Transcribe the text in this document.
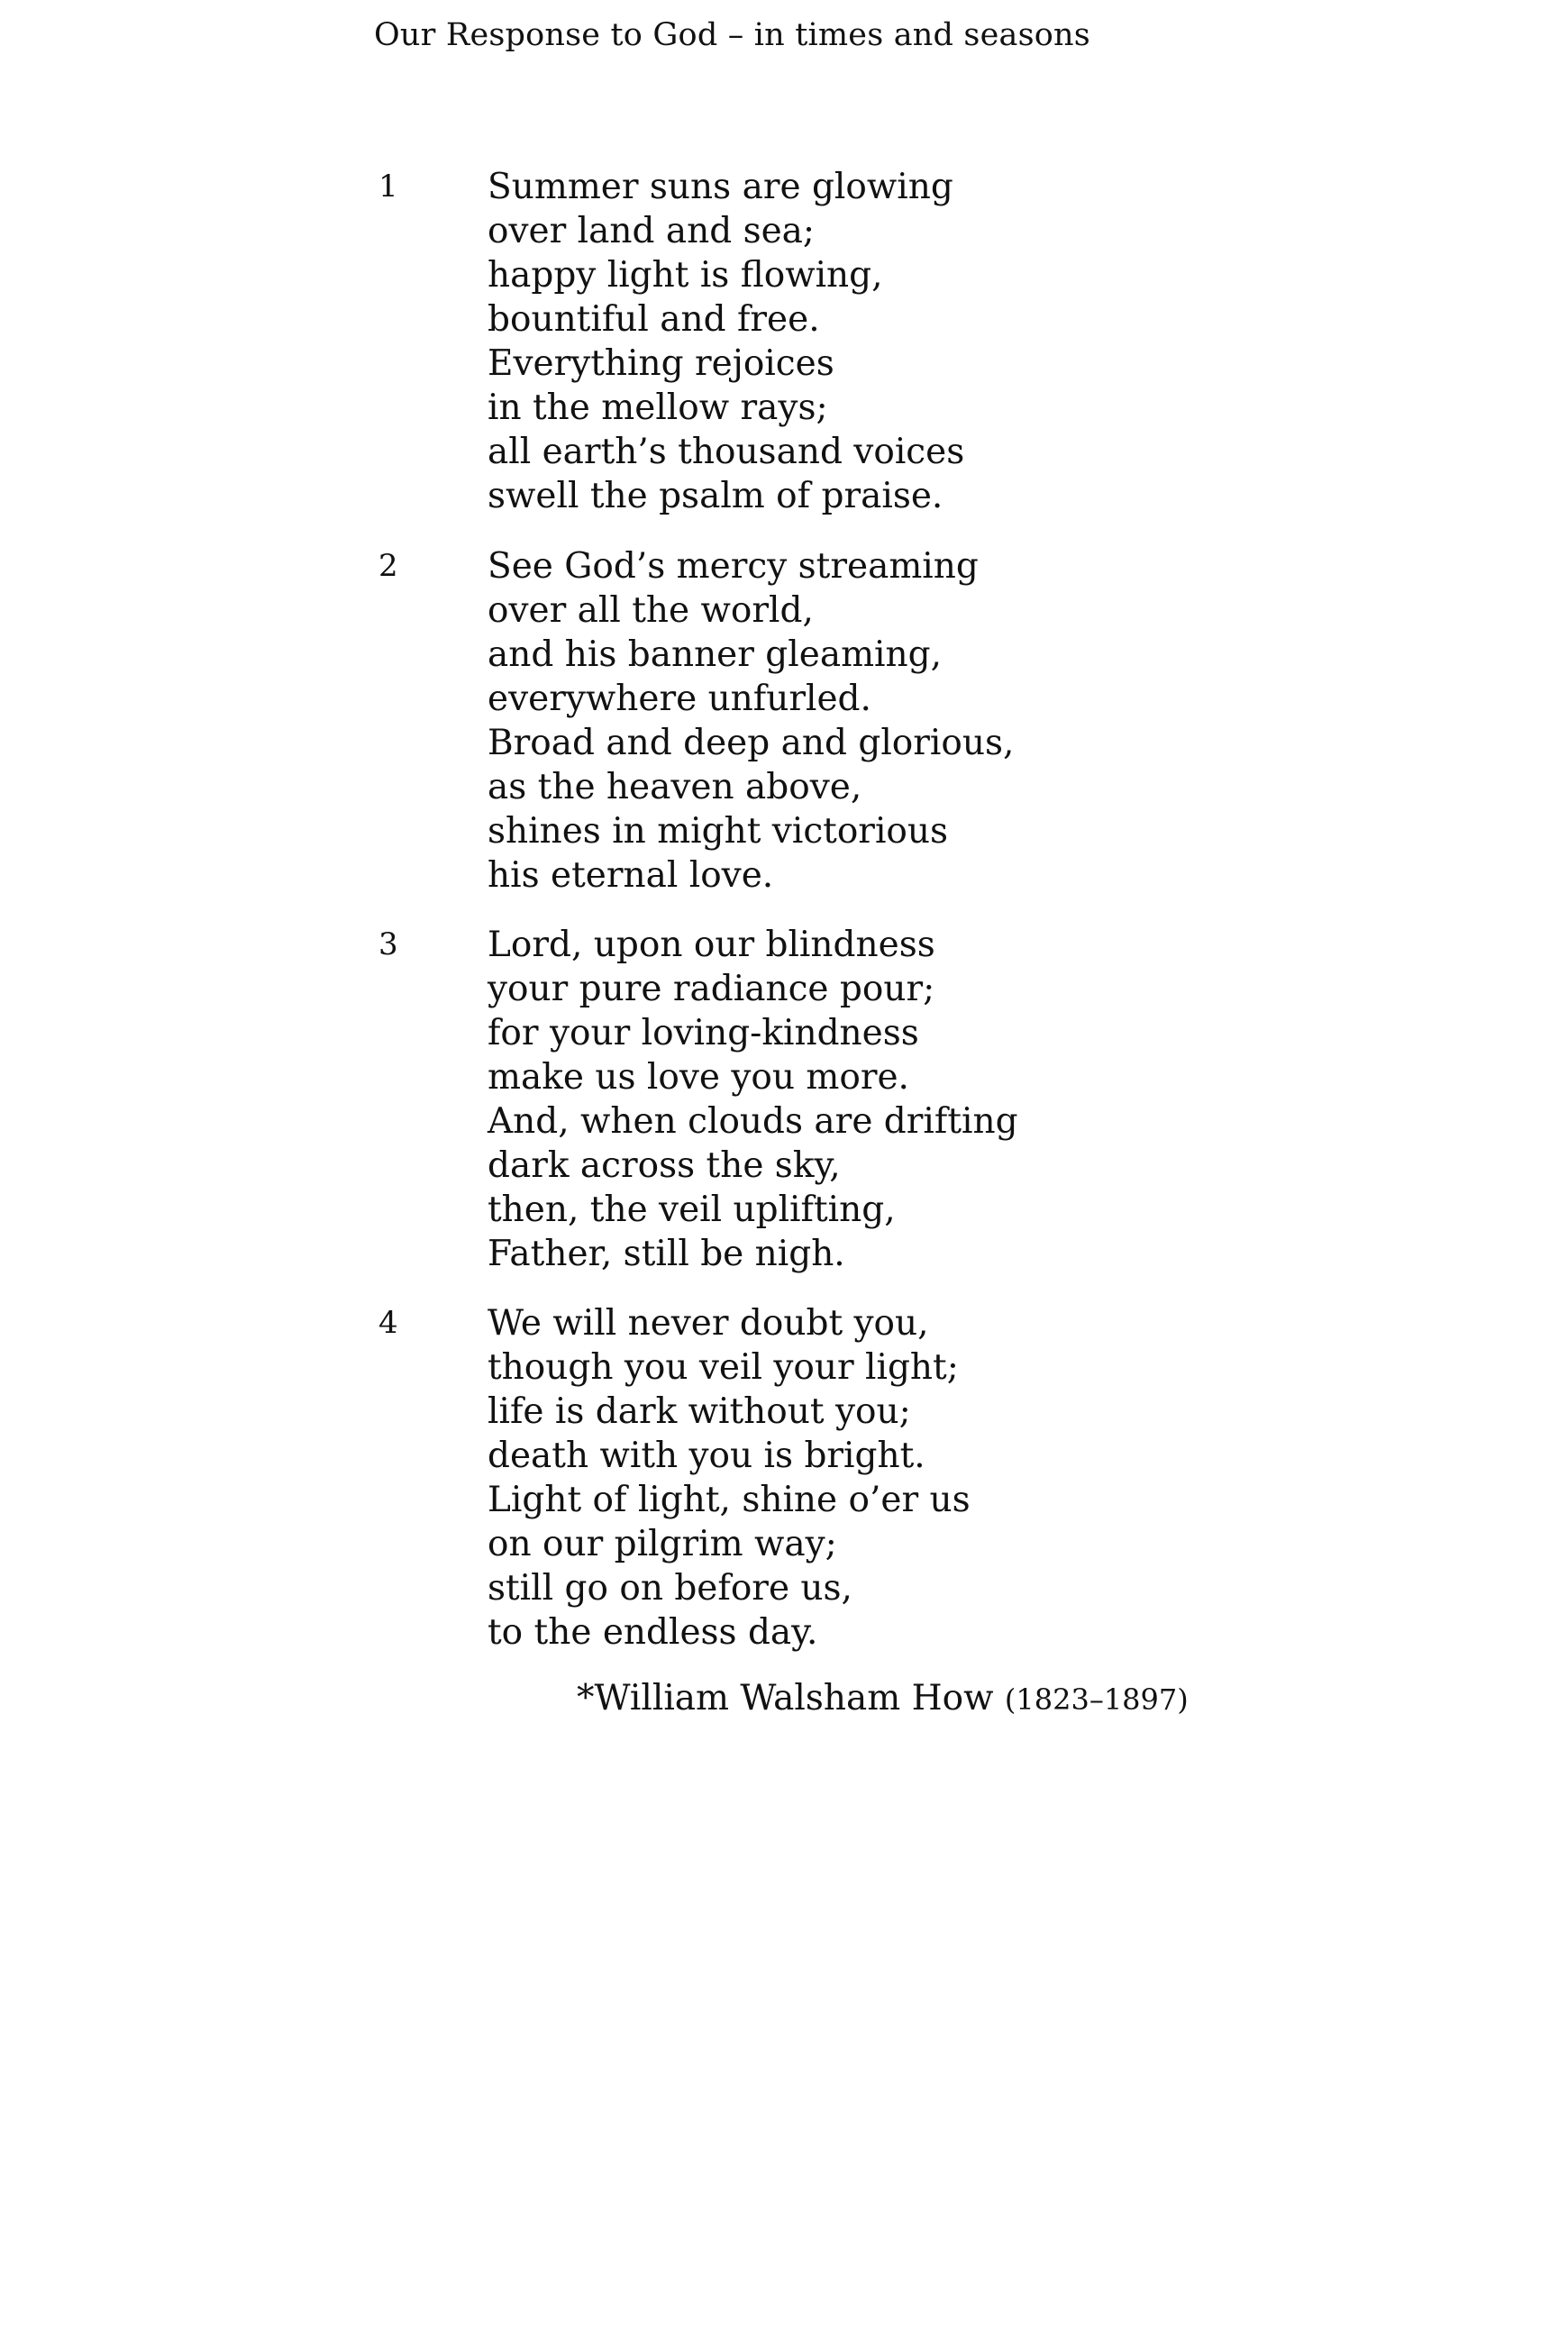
Our Response to God – in times and seasons
1	Summer suns are glowing
over land and sea;
happy light is flowing,
bountiful and free.
Everything rejoices
in the mellow rays;
all earth’s thousand voices
swell the psalm of praise.
2	See God’s mercy streaming
over all the world,
and his banner gleaming,
everywhere unfurled.
Broad and deep and glorious,
as the heaven above,
shines in might victorious
his eternal love.
3	Lord, upon our blindness
your pure radiance pour;
for your loving-kindness
make us love you more.
And, when clouds are drifting
dark across the sky,
then, the veil uplifting,
Father, still be nigh.
4	We will never doubt you,
though you veil your light;
life is dark without you;
death with you is bright.
Light of light, shine o’er us
on our pilgrim way;
still go on before us,
to the endless day.
*William Walsham How (1823–1897)
